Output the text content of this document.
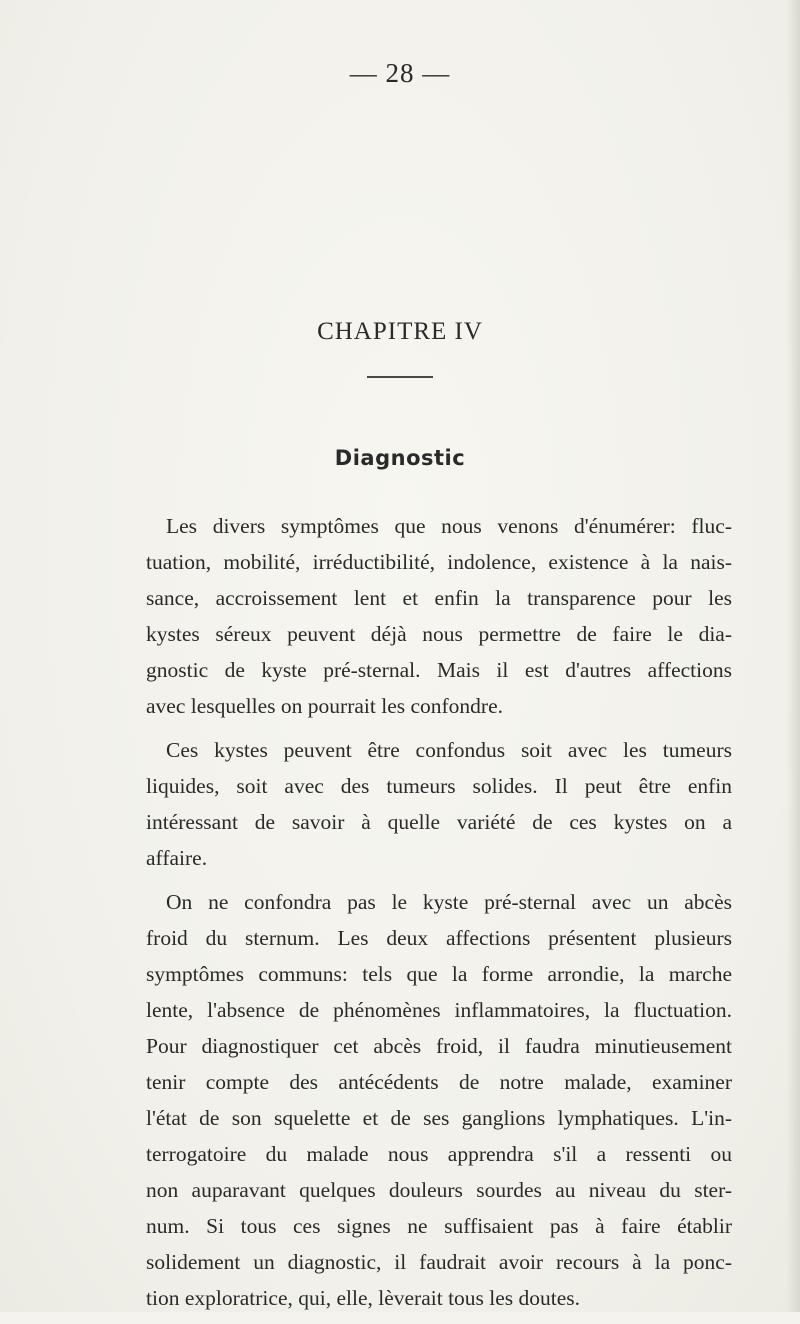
— 28 —
CHAPITRE IV
Diagnostic
Les divers symptômes que nous venons d'énumérer: fluc-
tuation, mobilité, irréductibilité, indolence, existence à la nais-
sance, accroissement lent et enfin la transparence pour les
kystes séreux peuvent déjà nous permettre de faire le dia-
gnostic de kyste pré-sternal. Mais il est d'autres affections
avec lesquelles on pourrait les confondre.
Ces kystes peuvent être confondus soit avec les tumeurs
liquides, soit avec des tumeurs solides. Il peut être enfin
intéressant de savoir à quelle variété de ces kystes on a
affaire.
On ne confondra pas le kyste pré-sternal avec un abcès
froid du sternum. Les deux affections présentent plusieurs
symptômes communs: tels que la forme arrondie, la marche
lente, l'absence de phénomènes inflammatoires, la fluctuation.
Pour diagnostiquer cet abcès froid, il faudra minutieusement
tenir compte des antécédents de notre malade, examiner
l'état de son squelette et de ses ganglions lymphatiques. L'in-
terrogatoire du malade nous apprendra s'il a ressenti ou
non auparavant quelques douleurs sourdes au niveau du ster-
num. Si tous ces signes ne suffisaient pas à faire établir
solidement un diagnostic, il faudrait avoir recours à la ponc-
tion exploratrice, qui, elle, lèverait tous les doutes.
